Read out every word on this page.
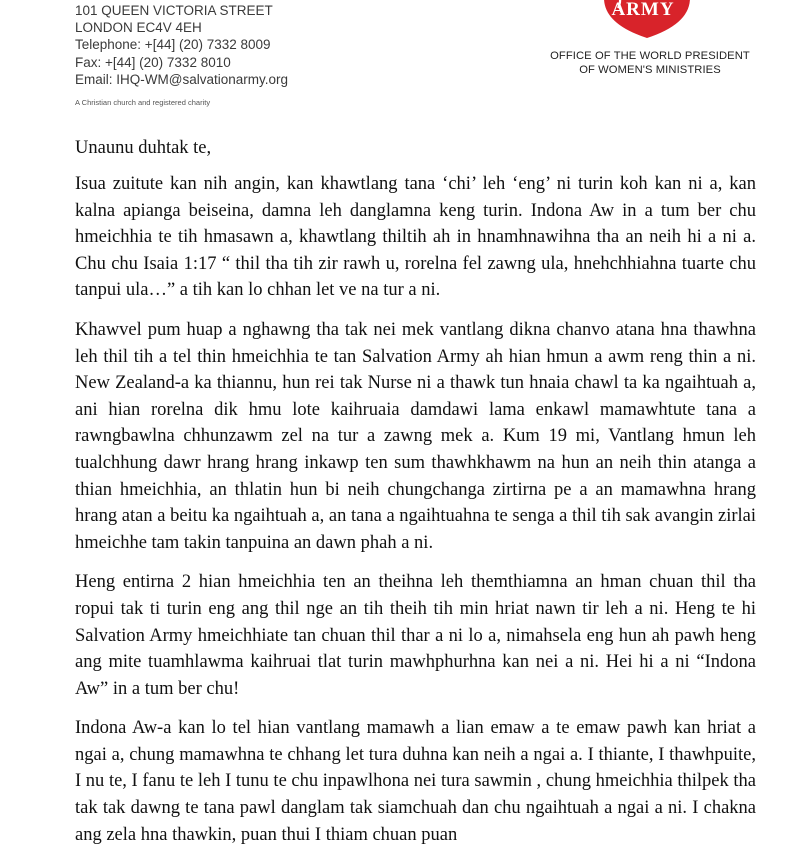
101 QUEEN VICTORIA STREET
LONDON EC4V 4EH
Telephone: +[44] (20) 7332 8009
Fax: +[44] (20) 7332 8010
Email: IHQ-WM@salvationarmy.org
A Christian church and registered charity
ARMY
OFFICE OF THE WORLD PRESIDENT
OF WOMEN'S MINISTRIES
Unaunu duhtak te,

Isua zuitute kan nih angin, kan khawtlang tana ‘chi’ leh ‘eng’ ni turin koh kan ni a, kan kalna apianga beiseina, damna leh danglamna keng turin. Indona Aw in a tum ber chu hmeichhia te tih hmasawn a, khawtlang thiltih ah in hnamhnawihna tha an neih hi a ni a. Chu chu Isaia 1:17 “ thil tha tih zir rawh u, rorelna fel zawng ula, hnehchhiahna tuarte chu tanpui ula…” a tih kan lo chhan let ve na tur a ni.

Khawvel pum huap a nghawng tha tak nei mek vantlang dikna chanvo atana hna thawhna leh thil tih a tel thin hmeichhia te tan Salvation Army ah hian hmun a awm reng thin a ni. New Zealand-a ka thiannu, hun rei tak Nurse ni a thawk tun hnaia chawl ta ka ngaihtuah a, ani hian rorelna dik hmu lote kaihruaia damdawi lama enkawl mamawhtute tana a rawngbawlna chhunzawm zel na tur a zawng mek a. Kum 19 mi, Vantlang hmun leh tualchhung dawr hrang hrang inkawp ten sum thawhkhawm na hun an neih thin atanga a thian hmeichhia, an thlatin hun bi neih chungchanga zirtirna pe a an mamawhna hrang hrang atan a beitu ka ngaihtuah a, an tana a ngaihtuahna te senga a thil tih sak avangin zirlai hmeichhe tam takin tanpuina an dawn phah a ni.

Heng entirna 2 hian hmeichhia ten an theihna leh themthiamna an hman chuan thil tha ropui tak ti turin eng ang thil nge an tih theih tih min hriat nawn tir leh a ni. Heng te hi Salvation Army hmeichhiate tan chuan thil thar a ni lo a, nimahsela eng hun ah pawh heng ang mite tuamhlawma kaihruai tlat turin mawhphurhna kan nei a ni. Hei hi a ni “Indona Aw” in a tum ber chu!

Indona Aw-a kan lo tel hian vantlang mamawh a lian emaw a te emaw pawh kan hriat a ngai a, chung mamawhna te chhang let tura duhna kan neih a ngai a. I thiante, I thawhpuite, I nu te, I fanu te leh I tunu te chu inpawlhona nei tura sawmin , chung hmeichhia thilpek tha tak tak dawng te tana pawl danglam tak siamchuah dan chu ngaihtuah a ngai a ni. I chakna ang zela hna thawkin, puan thui I thiam chuan puan
